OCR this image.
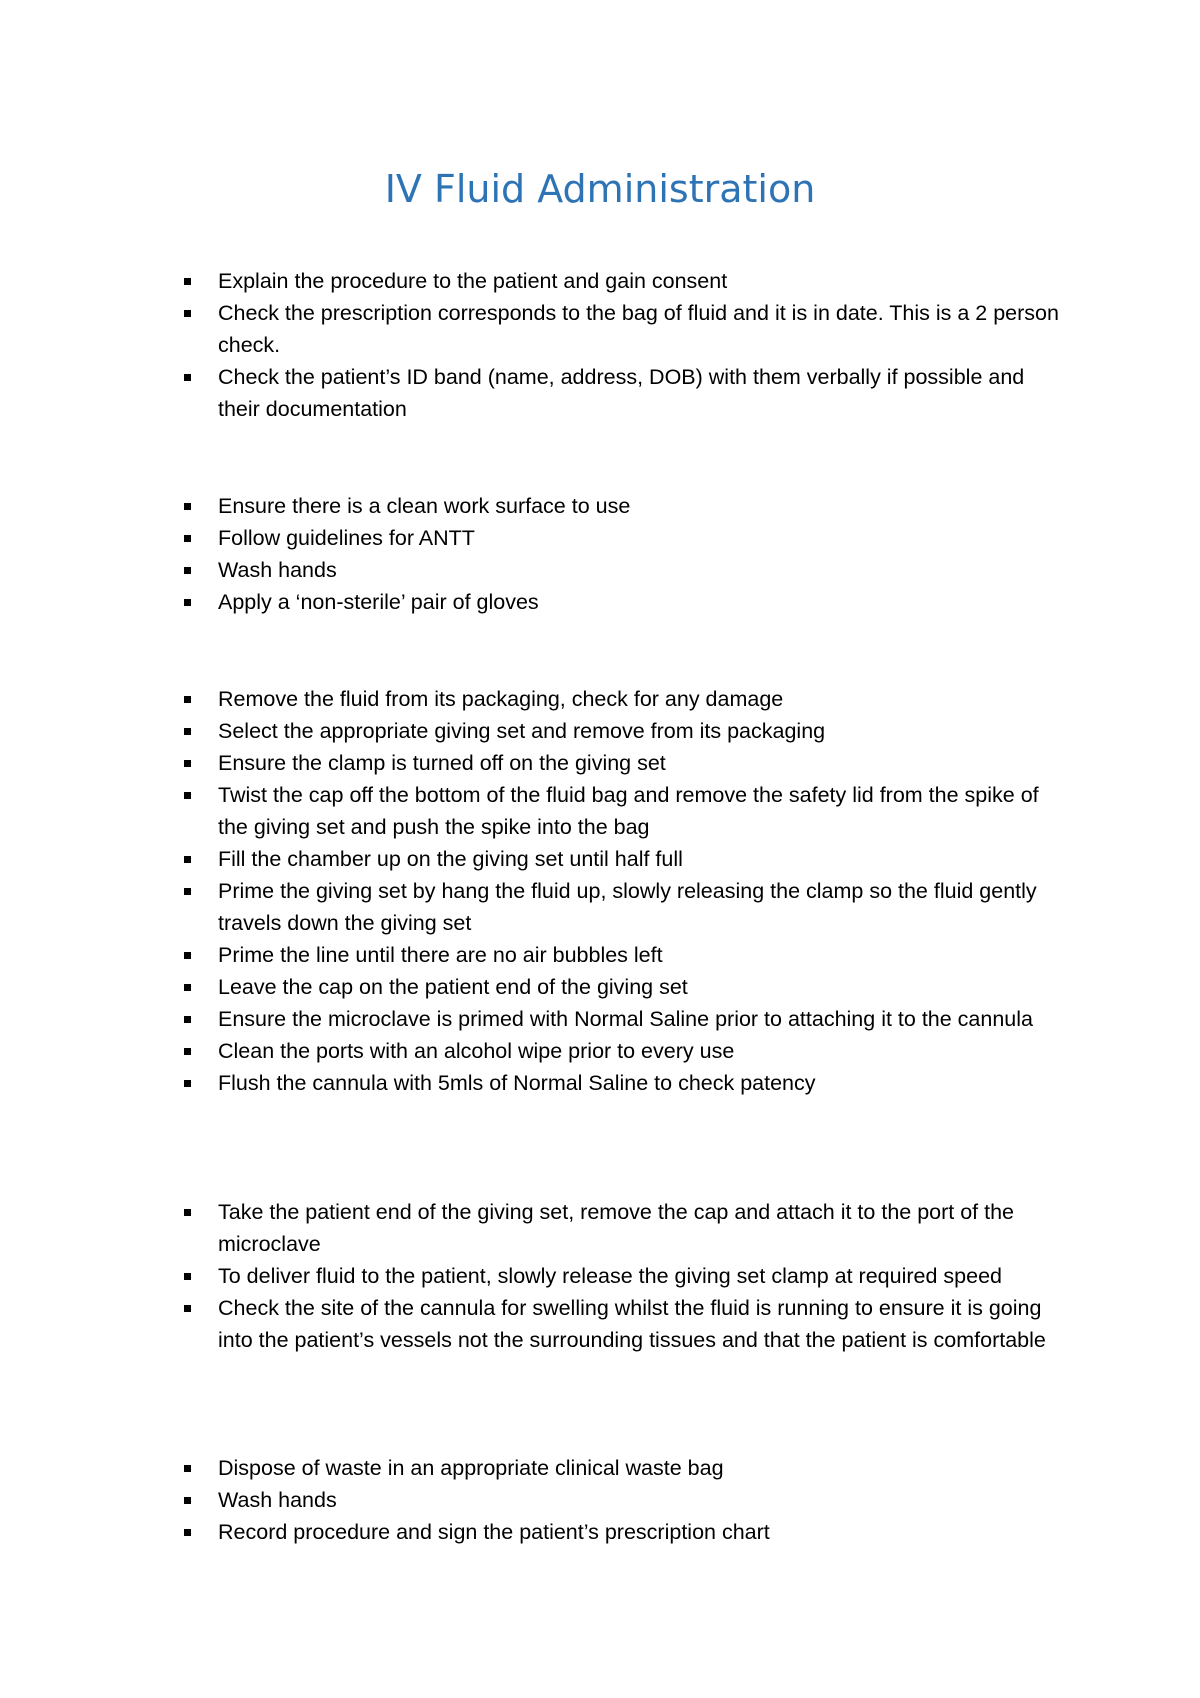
IV Fluid Administration
Explain the procedure to the patient and gain consent
Check the prescription corresponds to the bag of fluid and it is in date. This is a 2 person check.
Check the patient’s ID band (name, address, DOB) with them verbally if possible and their documentation
Ensure there is a clean work surface to use
Follow guidelines for ANTT
Wash hands
Apply a ‘non-sterile’ pair of gloves
Remove the fluid from its packaging, check for any damage
Select the appropriate giving set and remove from its packaging
Ensure the clamp is turned off on the giving set
Twist the cap off the bottom of the fluid bag and remove the safety lid from the spike of the giving set and push the spike into the bag
Fill the chamber up on the giving set until half full
Prime the giving set by hang the fluid up, slowly releasing the clamp so the fluid gently travels down the giving set
Prime the line until there are no air bubbles left
Leave the cap on the patient end of the giving set
Ensure the microclave is primed with Normal Saline prior to attaching it to the cannula
Clean the ports with an alcohol wipe prior to every use
Flush the cannula with 5mls of Normal Saline to check patency
Take the patient end of the giving set, remove the cap and attach it to the port of the microclave
To deliver fluid to the patient, slowly release the giving set clamp at required speed
Check the site of the cannula for swelling whilst the fluid is running to ensure it is going into the patient’s vessels not the surrounding tissues and that the patient is comfortable
Dispose of waste in an appropriate clinical waste bag
Wash hands
Record procedure and sign the patient’s prescription chart
